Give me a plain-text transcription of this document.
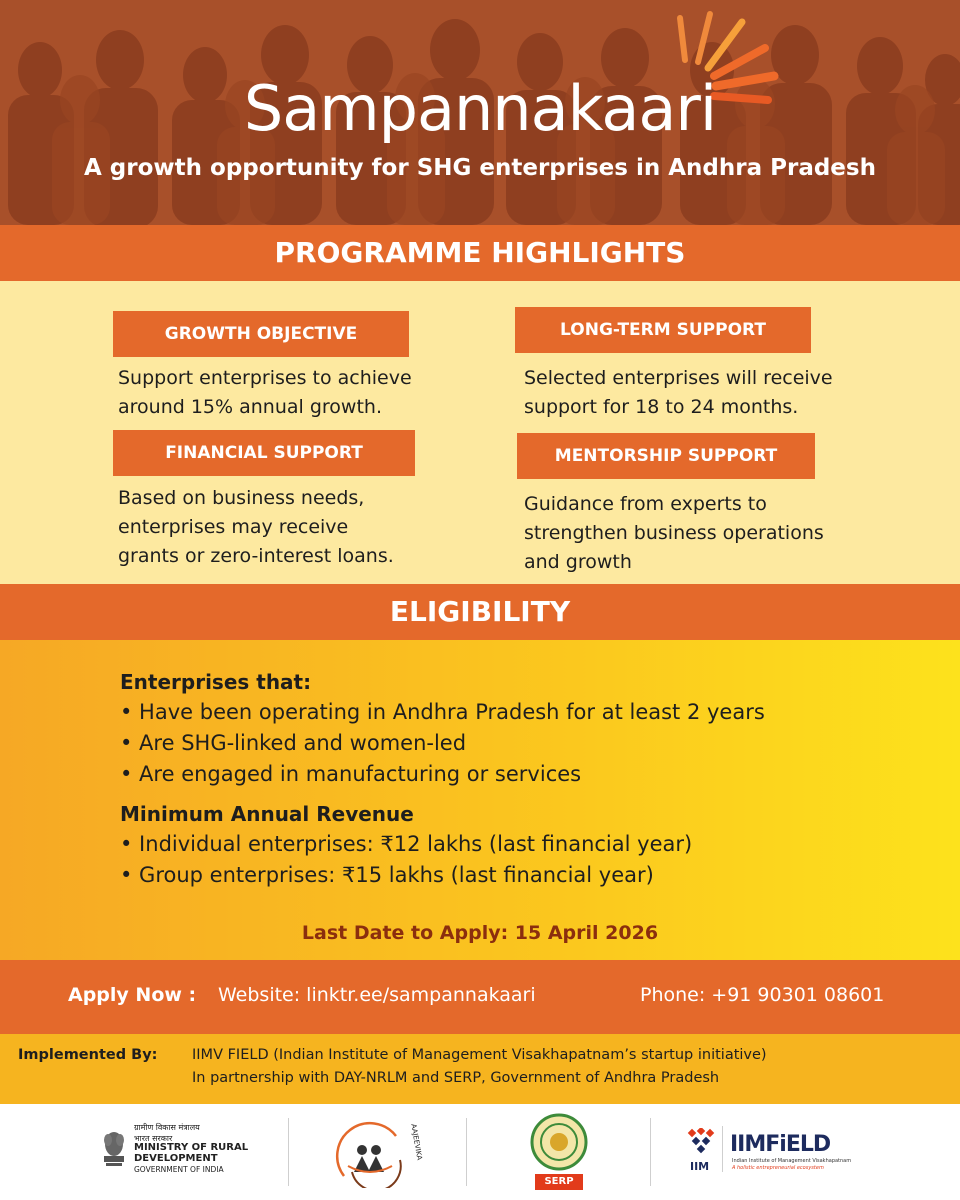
Sampannakaari
A growth opportunity for SHG enterprises in Andhra Pradesh
PROGRAMME HIGHLIGHTS
GROWTH OBJECTIVE
Support enterprises to achieve
around 15% annual growth.
LONG-TERM SUPPORT
Selected enterprises will receive
support for 18 to 24 months.
FINANCIAL SUPPORT
Based on business needs,
enterprises may receive
grants or zero-interest loans.
MENTORSHIP SUPPORT
Guidance from experts to
strengthen business operations
and growth
ELIGIBILITY
Enterprises that:
• Have been operating in Andhra Pradesh for at least 2 years
• Are SHG-linked and women-led
• Are engaged in manufacturing or services
Minimum Annual Revenue
• Individual enterprises: ₹12 lakhs (last financial year)
• Group enterprises: ₹15 lakhs (last financial year)
Last Date to Apply: 15 April 2026
Apply Now : Website: linktr.ee/sampannakaari	Phone: +91 90301 08601
Implemented By: IIMV FIELD (Indian Institute of Management Visakhapatnam’s startup initiative)
In partnership with DAY-NRLM and SERP, Government of Andhra Pradesh
ग्रामीण विकास मंत्रालय
भारत सरकार
MINISTRY OF RURAL
DEVELOPMENT
GOVERNMENT OF INDIA
AAJEEVIKA
SERP
IIM
IIMFiELD
Indian Institute of Management Visakhapatnam
A holistic entrepreneurial ecosystem
